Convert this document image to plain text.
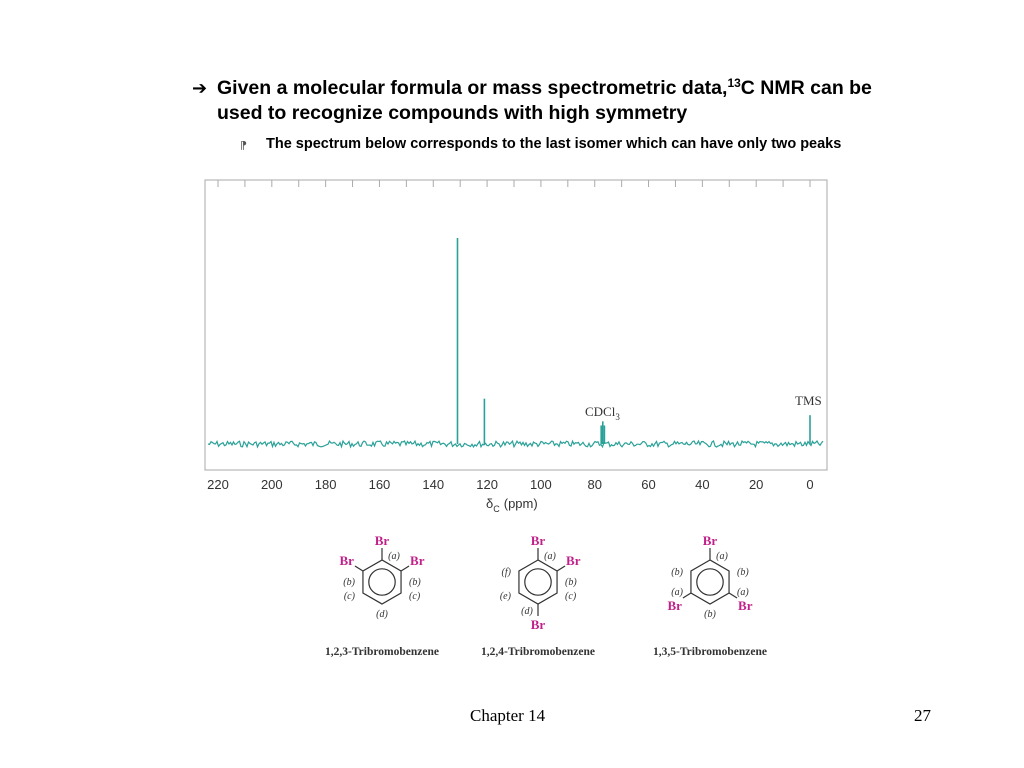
➔ Given a molecular formula or mass spectrometric data,$^{13}$C NMR can be used to recognize compounds with high symmetry
⁋	The spectrum below corresponds to the last isomer which can have only two peaks
220 200 180 160 140 120 100	80	60	40	20	0
$\delta_C$ (ppm)
CDCl$_3$
TMS
Br
Br	Br
(a)
(b)	(b)
(c)	(c)
(d)
1,2,3-Tribromobenzene
Br
Br
Br
(a)
(b)
(c)
(d)
(e)
(f)
1,2,4-Tribromobenzene
Br
Br	Br
(a)
(b)	(b)
(a)	(a)
(b)
1,3,5-Tribromobenzene
Chapter 14	27
